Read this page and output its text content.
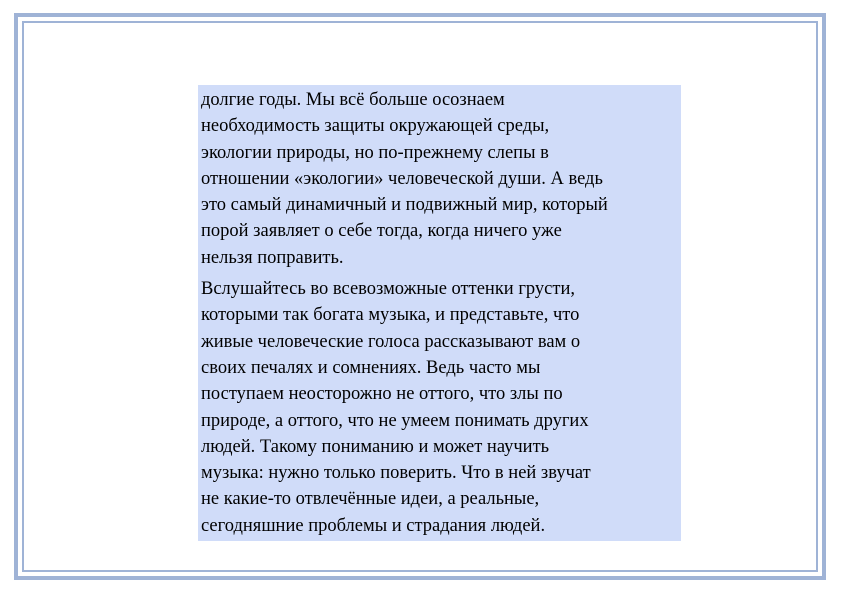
долгие годы. Мы всё больше осознаем
необходимость защиты окружающей среды,
экологии природы, но по-прежнему слепы в
отношении «экологии» человеческой души. А ведь
это самый динамичный и подвижный мир, который
порой заявляет о себе тогда, когда ничего уже
нельзя поправить.

Вслушайтесь во всевозможные оттенки грусти,
которыми так богата музыка, и представьте, что
живые человеческие голоса рассказывают вам о
своих печалях и сомнениях. Ведь часто мы
поступаем неосторожно не оттого, что злы по
природе, а оттого, что не умеем понимать других
людей. Такому пониманию и может научить
музыка: нужно только поверить. Что в ней звучат
не какие-то отвлечённые идеи, а реальные,
сегодняшние проблемы и страдания людей.
